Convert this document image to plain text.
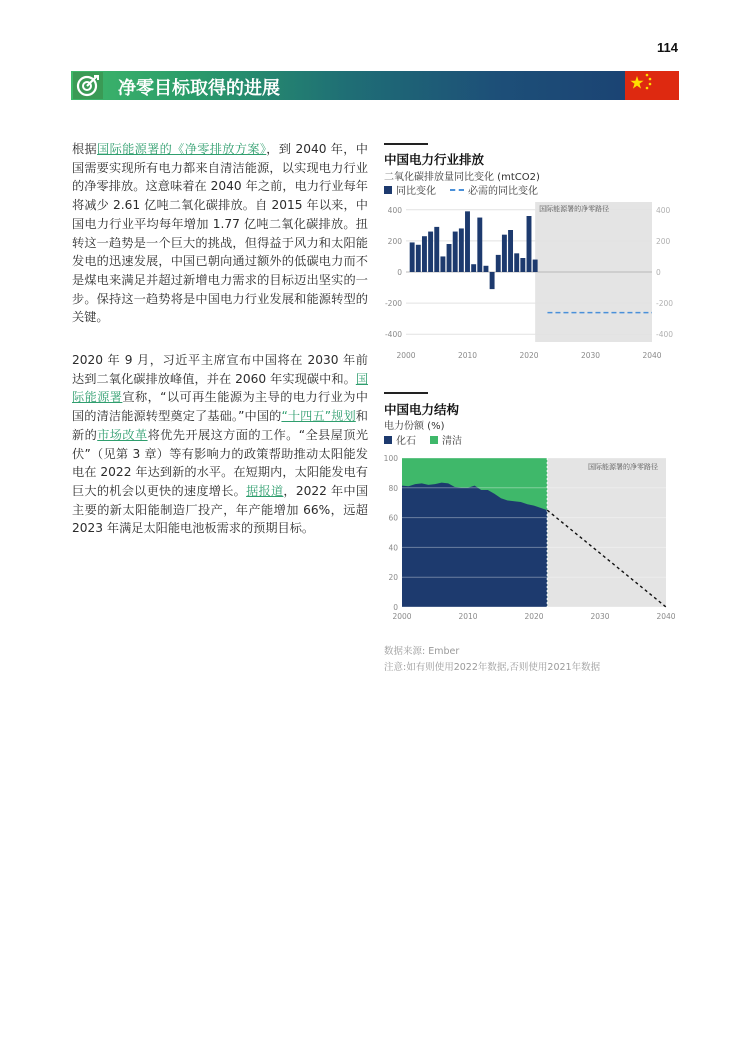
114
净零目标取得的进展
根据国际能源署的《净零排放方案》，到 2040 年，中国需要实现所有电力都来自清洁能源，以实现电力行业的净零排放。这意味着在 2040 年之前，电力行业每年将减少 2.61 亿吨二氧化碳排放。自 2015 年以来，中国电力行业平均每年增加 1.77 亿吨二氧化碳排放。扭转这一趋势是一个巨大的挑战，但得益于风力和太阳能发电的迅速发展，中国已朝向通过额外的低碳电力而不是煤电来满足并超过新增电力需求的目标迈出坚实的一步。保持这一趋势将是中国电力行业发展和能源转型的关键。
2020 年 9 月，习近平主席宣布中国将在 2030 年前达到二氧化碳排放峰值，并在 2060 年实现碳中和。国际能源署宣称，“以可再生能源为主导的电力行业为中国的清洁能源转型奠定了基础。”中国的“十四五”规划和新的市场改革将优先开展这方面的工作。“全县屋顶光伏”（见第 3 章）等有影响力的政策帮助推动太阳能发电在 2022 年达到新的水平。在短期内，太阳能发电有巨大的机会以更快的速度增长。据报道，2022 年中国主要的新太阳能制造厂投产，年产能增加 66%，远超2023 年满足太阳能电池板需求的预期目标。
中国电力行业排放
二氧化碳排放量同比变化 (mtCO2)
同比变化	必需的同比变化
-400	-400
-200	-200
0	0
200	200
400	400
2000	2010	2020	2030	2040
国际能源署的净零路径
中国电力结构
电力份额 (%)
化石	清洁
0
20
40
60
80
100
2000	2010	2020	2030	2040
国际能源署的净零路径
数据来源: Ember
注意:如有则使用2022年数据,否则使用2021年数据
